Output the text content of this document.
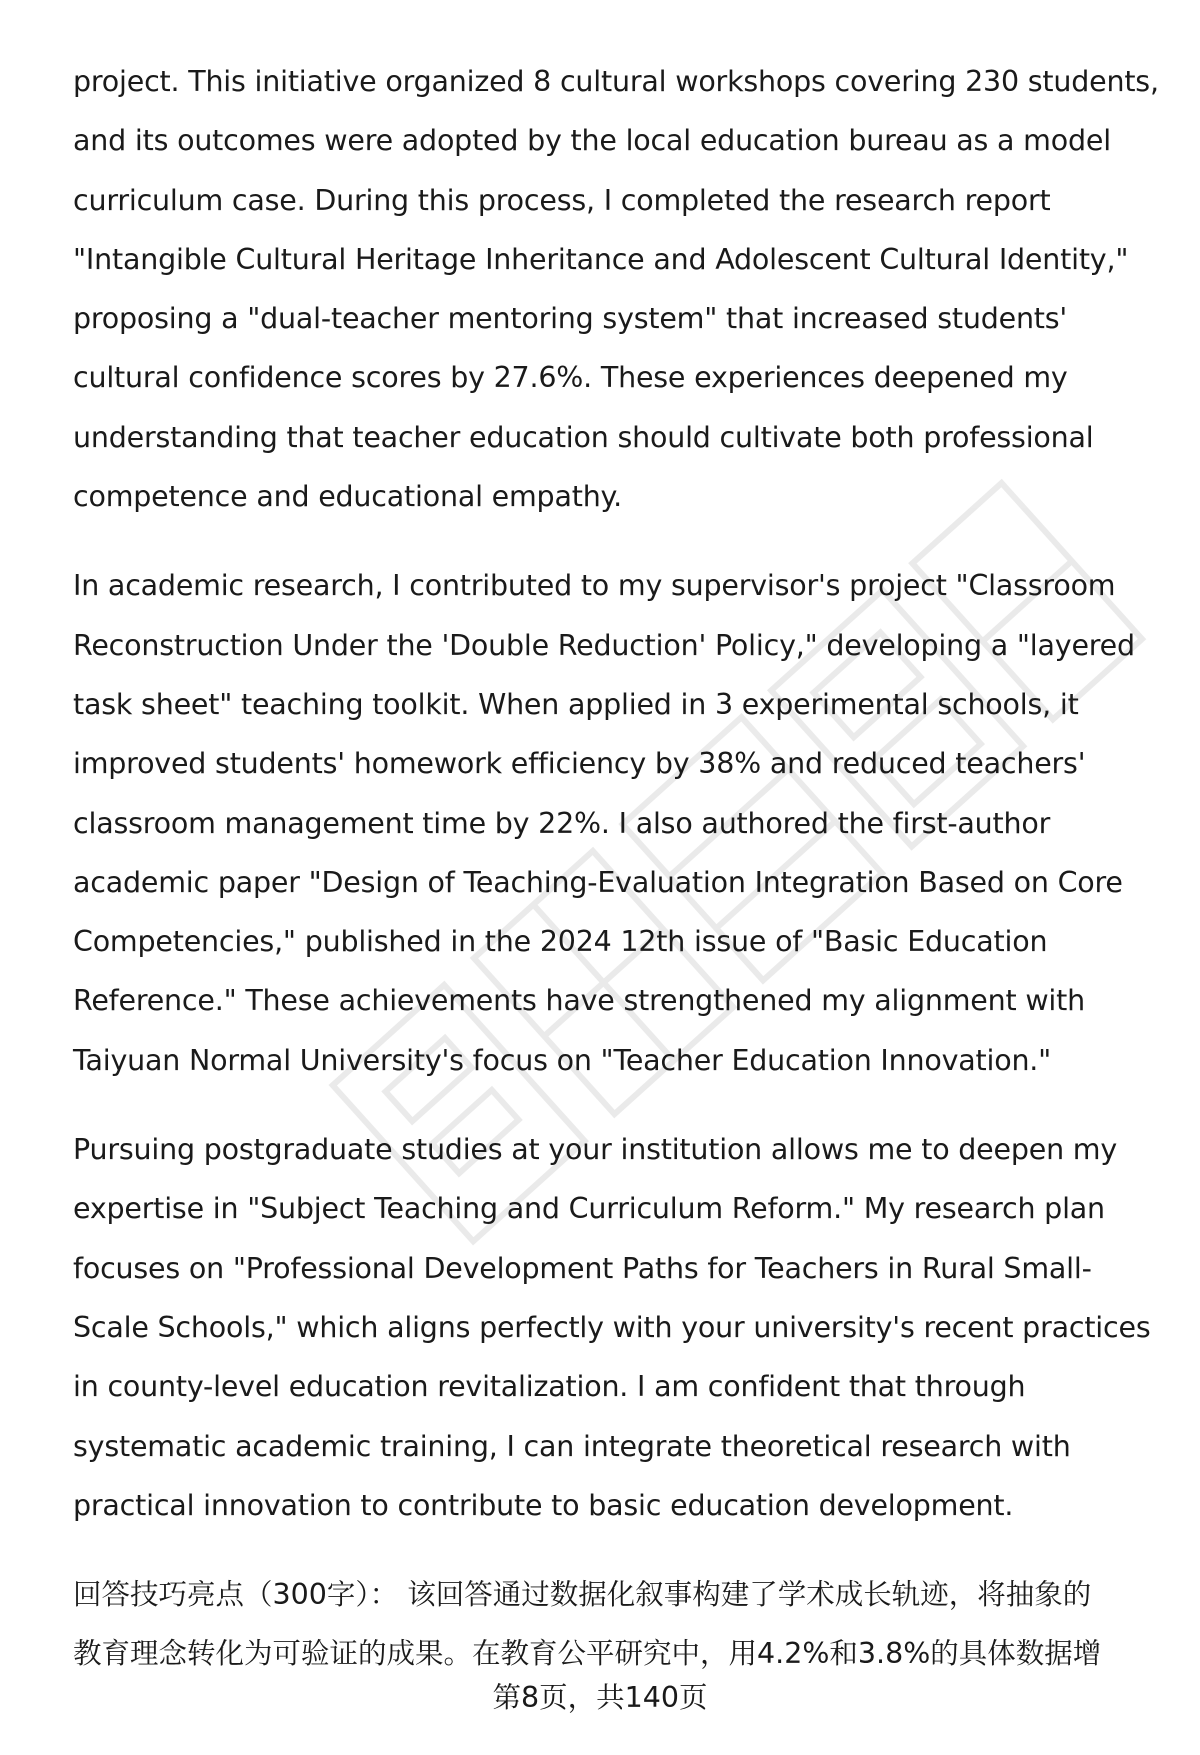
project. This initiative organized 8 cultural workshops covering 230 students, and its outcomes were adopted by the local education bureau as a model curriculum case. During this process, I completed the research report "Intangible Cultural Heritage Inheritance and Adolescent Cultural Identity," proposing a "dual-teacher mentoring system" that increased students' cultural confidence scores by 27.6%. These experiences deepened my understanding that teacher education should cultivate both professional competence and educational empathy.

In academic research, I contributed to my supervisor's project "Classroom Reconstruction Under the 'Double Reduction' Policy," developing a "layered task sheet" teaching toolkit. When applied in 3 experimental schools, it improved students' homework efficiency by 38% and reduced teachers' classroom management time by 22%. I also authored the first-author academic paper "Design of Teaching-Evaluation Integration Based on Core Competencies," published in the 2024 12th issue of "Basic Education Reference." These achievements have strengthened my alignment with Taiyuan Normal University's focus on "Teacher Education Innovation."

Pursuing postgraduate studies at your institution allows me to deepen my expertise in "Subject Teaching and Curriculum Reform." My research plan focuses on "Professional Development Paths for Teachers in Rural Small-Scale Schools," which aligns perfectly with your university's recent practices in county-level education revitalization. I am confident that through systematic academic training, I can integrate theoretical research with practical innovation to contribute to basic education development.

回答技巧亮点（300字）： 该回答通过数据化叙事构建了学术成长轨迹，将抽象的

教育理念转化为可验证的成果。在教育公平研究中，用4.2%和3.8%的具体数据增

第8页，共140页
